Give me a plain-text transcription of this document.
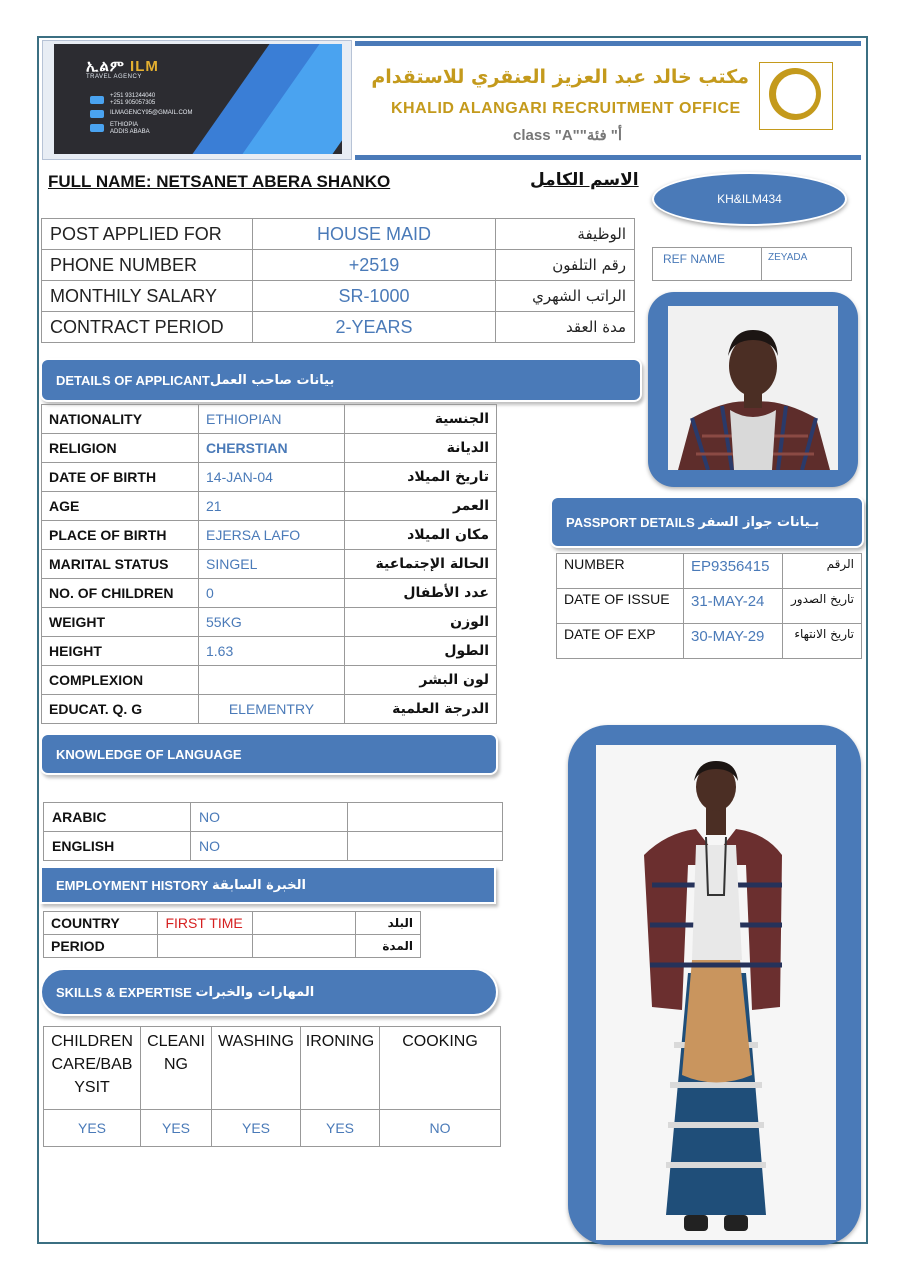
ኢልም ILM
TRAVEL AGENCY
+251 931244040
+251 905057305
ILMAGENCY95@GMAIL.COM
ETHIOPIA
ADDIS ABABA
مكتب خالد عبد العزيز العنقري للاستقدام
KHALID ALANGARI RECRUITMENT OFFICE
class "A""أ" فئة
FULL NAME: NETSANET ABERA SHANKO	الاسم الكامل
KH&ILM434
POST APPLIED FOR	HOUSE MAID	الوظيفة
PHONE NUMBER	+2519	رقم التلفون
MONTHILY SALARY	SR-1000	الراتب الشهري
CONTRACT PERIOD	2-YEARS	مدة العقد
REF NAME	ZEYADA
DETAILS OF APPLICANT بيانات صاحب العمل
NATIONALITY	ETHIOPIAN	الجنسية
RELIGION	CHERSTIAN	الديانة
DATE OF BIRTH	14-JAN-04	تاريخ الميلاد
AGE	21	العمر
PLACE OF BIRTH	EJERSA LAFO	مكان الميلاد
MARITAL STATUS	SINGEL	الحالة الإجتماعية
NO. OF CHILDREN	0	عدد الأطفال
WEIGHT	55KG	الوزن
HEIGHT	1.63	الطول
COMPLEXION		لون البشر
EDUCAT. Q. G	ELEMENTRY	الدرجة العلمية
PASSPORT DETAILS
بـيانات جواز السفر
NUMBER	EP9356415	الرقم
DATE OF ISSUE	31-MAY-24	تاريخ الصدور
DATE OF EXP	30-MAY-29	تاريخ الانتهاء
KNOWLEDGE OF LANGUAGE
ARABIC	NO	
ENGLISH	NO	
EMPLOYMENT HISTORY
الخبرة السابقة
COUNTRY	FIRST TIME		البلد
PERIOD			المدة
SKILLS & EXPERTISE
المهارات والخبرات
CHILDREN CARE/BABYSIT	CLEANING	WASHING	IRONING	COOKING
YES	YES	YES	YES	NO
